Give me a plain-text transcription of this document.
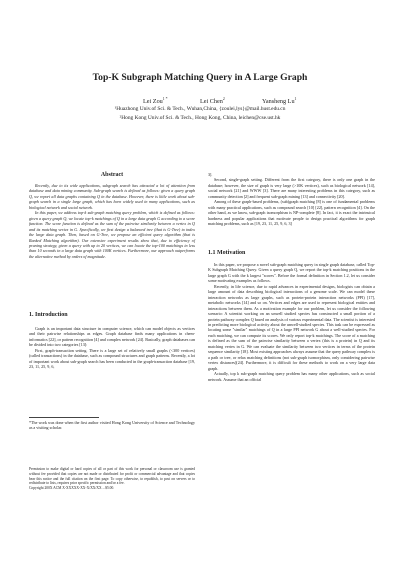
Top-K Subgraph Matching Query in A Large Graph
Lei Zou$^{1 *}$	Lei Chen$^2$	Yansheng Lu$^1$
¹Huazhong Univ.of Sci. & Tech., Wuhan,China, {zoulei,lys}@mail.hust.edu.cn
²Hong Kong Univ.of Sci. & Tech., Hong Kong, China, leichen@cse.ust.hk
Abstract

Recently, due to its wide applications, subgraph search has attracted a lot of attention from database and data mining community. Sub-graph search is defined as follows: given a query graph Q, we report all data graphs containing Q in the database. However, there is little work about sub-graph search in a single large graph, which has been widely used in many applications, such as biological network and social network.

In this paper, we address top-k sub-graph matching query problem, which is defined as follows: given a query graph Q, we locate top-k matchings of Q in a large data graph G according to a score function. The score function is defined as the sum of the pairwise similarity between a vertex in Q and its matching vertex in G. Specifically, we first design a balanced tree (that is G-Tree) to index the large data graph. Then, based on G-Tree, we propose an efficient query algorithm (that is Ranked Matching algorithm). Our extensive experiment results show that, due to efficiency of pruning strategy, given a query with up to 20 vertices, we can locate the top-100 matchings in less than 10 seconds in a large data graph with 100K vertices. Furthermore, our approach outperforms the alternative method by orders of magnitude.

1. Introduction

Graph is an important data structure in computer science, which can model objects as vertices and their pairwise relationships as edges. Graph database finds many applications in chem-informatics [22], or pattern recognition [4] and complex network [24]. Basically, graph databases can be divided into two categories [13]:

First, graph-transaction setting. There is a large set of relatively small graphs (<300 vertices)(called transactions) in the database, such as compound structures and graph patterns. Recently, a lot of important work about sub-graph search has been conducted in the graph-transaction database [19, 23, 11, 25, 9, 6,

*The work was done when the first author visited Hong Kong University of Science and Technology as a visiting scholar.

Permission to make digital or hard copies of all or part of this work for personal or classroom use is granted without fee provided that copies are not made or distributed for profit or commercial advantage and that copies bear this notice and the full citation on the first page. To copy otherwise, to republish, to post on servers or to redistribute to lists, requires prior specific permission and/or a fee.

Copyright 200X ACM X-XXXXX-XX-X/XX/XX ...$5.00.

3].

Second, single-graph setting. Different from the first category, there is only one graph in the database; however, the size of graph is very large (>10K vertices), such as biological network [14], social network [21] and WWW [3]. There are many interesting problems in this category, such as community detection [2] and frequent sub-graph mining [13] and connectivity [20].

Among of these graph-based problems, (sub)graph matching [8] is one of fundamental problems with many practical applications, such as compound search [10] [22], pattern recognition [4]. On the other hand, as we know, sub-graph isomorphism is NP-complete [8]. In fact, it is exact the intrinsical hardness and popular applications that motivate people to design practical algorithms for graph matching problems, such as [19, 23, 11, 25, 9, 6, 3]

1.1 Motivation

In this paper, we propose a novel sub-graph matching query in single graph database, called Top-K Subgraph Matching Query. Given a query graph Q, we report the top-k matching positions in the large graph G with the k largest "scores". Before the formal definition in Section 1.2, let us consider some motivating examples as follows.

Recently, in life science, due to rapid advances in experimental designs, biologists can obtain a large amount of data describing biological interactions of a genome scale. We can model these interaction networks as large graphs, such as protein-protein interaction networks (PPI) [17], metabolic networks [14] and so on. Vertices and edges are used to represent biological entities and interactions between them. As a motivation example for our problem, let us consider the following scenario: A scientist working on an unwell studied species has constructed a small portion of a protein pathway complex Q based on analysis of various experimental data. The scientist is interested in predicting more biological activity about the unwell-studied species. This task can be expressed as locating some "similar" matchings of Q in a large PPI network G about a well-studied species. For each matching, we can compute its scores. We only report top-k matchings. The score of a matching is defined as the sum of the pairwise similarity between a vertex (this is a protein) in Q and its matching vertex in G. We can evaluate the similarity between two vertices in terms of the protein sequence similarity [18]. Most existing approaches always assume that the query pathway complex is a path or tree, or relax matching definitions (not sub-graph isomorphism, only considering pairwise vertex distances)[24]. Furthermore, it is difficult for these methods to work on a very large data graph.

Actually, top k sub-graph matching query problem has many other applications, such as social network. Assume that an official
